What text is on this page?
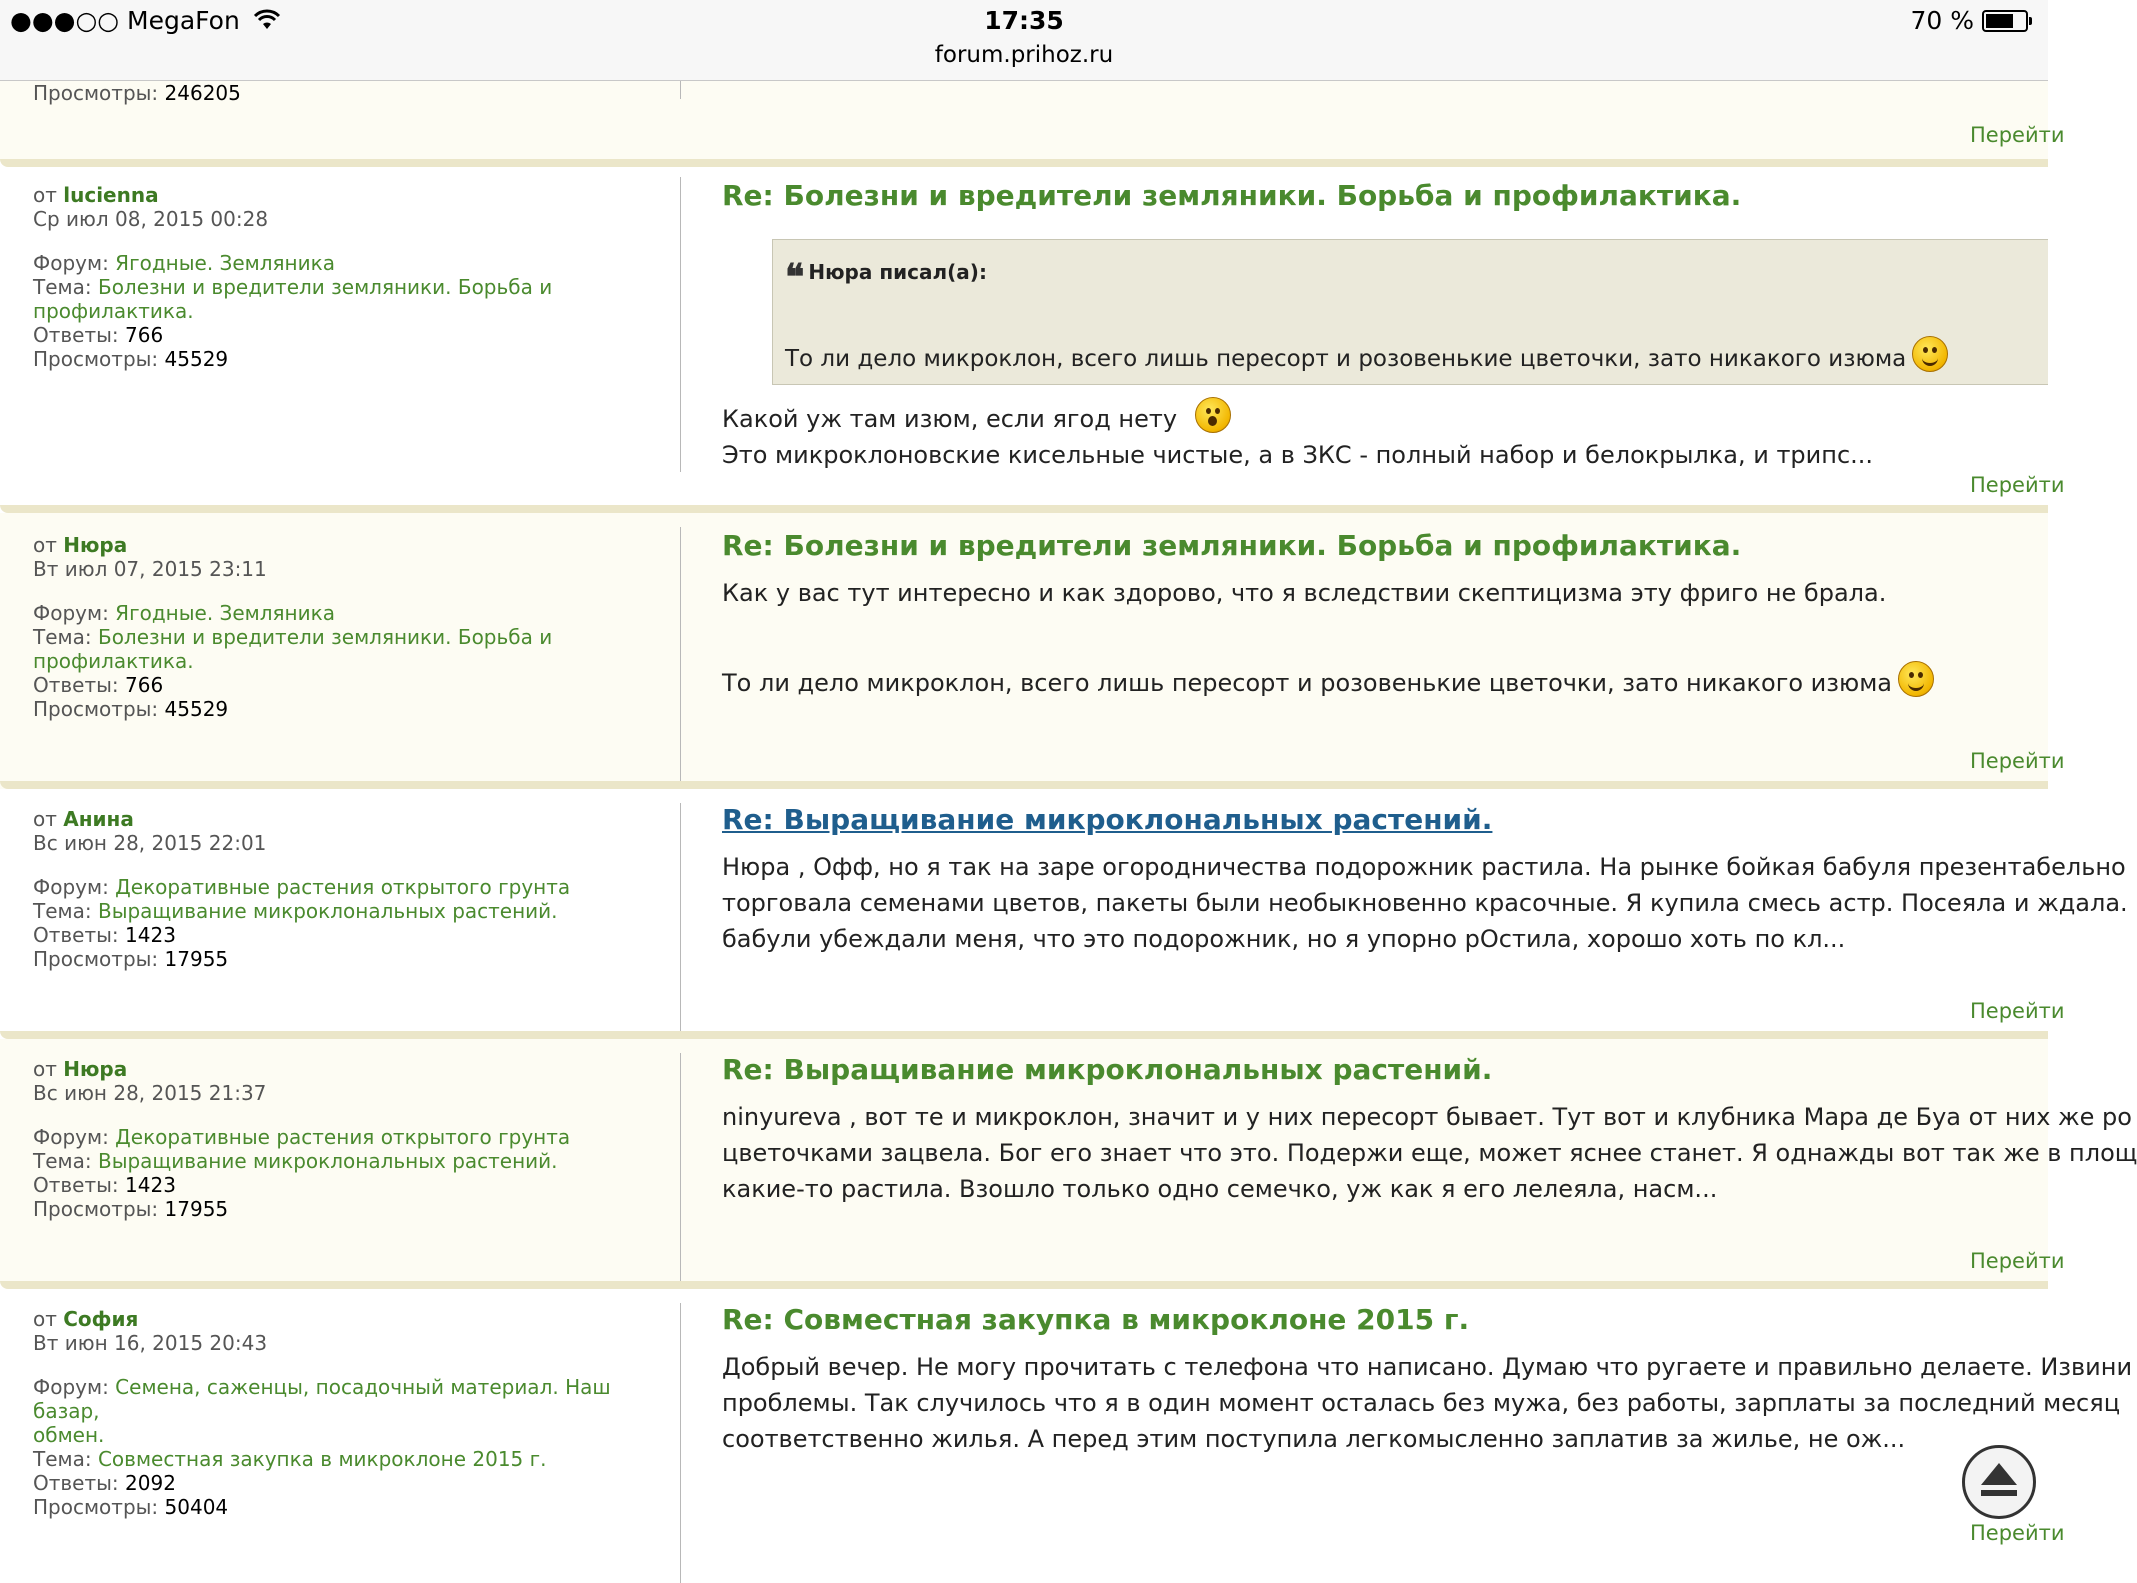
●●●○○ MegaFon	17:35
forum.prihoz.ru
70 %
Просмотры: 246205
Перейти
от lucienna
Ср июл 08, 2015 00:28
Форум: Ягодные. Земляника
Тема: Болезни и вредители земляники. Борьба и
профилактика.
Ответы: 766
Просмотры: 45529
Re: Болезни и вредители земляники. Борьба и профилактика.
❝ Нюра писал(а):
То ли дело микроклон, всего лишь пересорт и розовенькие цветочки, зато никакого изюма
Какой уж там изюм, если ягод нету
Это микроклоновские кисельные чистые, а в ЗКС - полный набор и белокрылка, и трипс...
Перейти
от Нюра
Вт июл 07, 2015 23:11
Форум: Ягодные. Земляника
Тема: Болезни и вредители земляники. Борьба и
профилактика.
Ответы: 766
Просмотры: 45529
Re: Болезни и вредители земляники. Борьба и профилактика.
Как у вас тут интересно и как здорово, что я вследствии скептицизма эту фриго не брала.
То ли дело микроклон, всего лишь пересорт и розовенькие цветочки, зато никакого изюма
Перейти
от Анина
Вс июн 28, 2015 22:01
Форум: Декоративные растения открытого грунта
Тема: Выращивание микроклональных растений.
Ответы: 1423
Просмотры: 17955
Re: Выращивание микроклональных растений.
Нюра , Офф, но я так на заре огородничества подорожник растила. На рынке бойкая бабуля презентабельно
торговала семенами цветов, пакеты были необыкновенно красочные. Я купила смесь астр. Посеяла и ждала.
бабули убеждали меня, что это подорожник, но я упорно рОстила, хорошо хоть по кл...
Перейти
от Нюра
Вс июн 28, 2015 21:37
Форум: Декоративные растения открытого грунта
Тема: Выращивание микроклональных растений.
Ответы: 1423
Просмотры: 17955
Re: Выращивание микроклональных растений.
ninyureva , вот те и микроклон, значит и у них пересорт бывает. Тут вот и клубника Мара де Буа от них же ро
цветочками зацвела. Бог его знает что это. Подержи еще, может яснее станет. Я однажды вот так же в площ
какие-то растила. Взошло только одно семечко, уж как я его лелеяла, насм...
Перейти
от София
Вт июн 16, 2015 20:43
Форум: Семена, саженцы, посадочный материал. Наш базар,
обмен.
Тема: Совместная закупка в микроклоне 2015 г.
Ответы: 2092
Просмотры: 50404
Re: Совместная закупка в микроклоне 2015 г.
Добрый вечер. Не могу прочитать с телефона что написано. Думаю что ругаете и правильно делаете. Извини
проблемы. Так случилось что я в один момент осталась без мужа, без работы, зарплаты за последний месяц
соответственно жилья. А перед этим поступила легкомысленно заплатив за жилье, не ож...
Перейти
